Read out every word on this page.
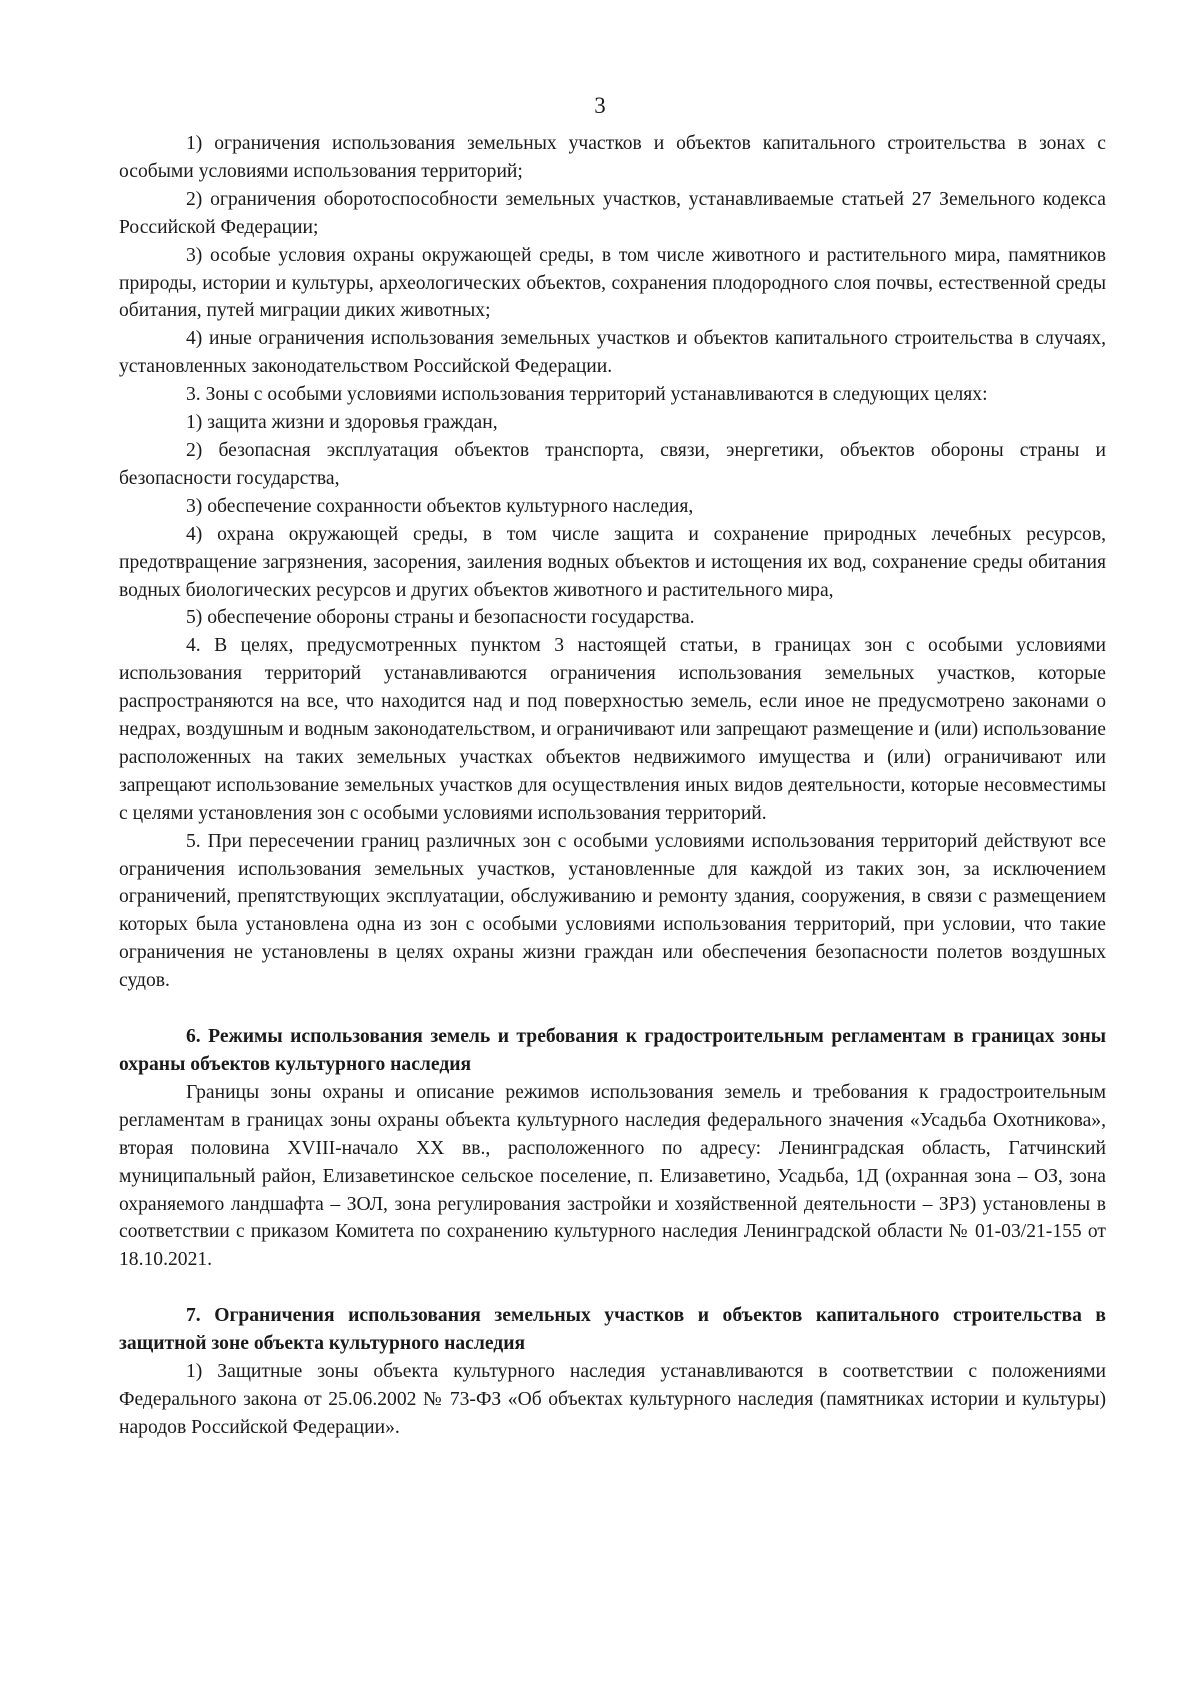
3

1) ограничения использования земельных участков и объектов капитального строительства в зонах с особыми условиями использования территорий;

2) ограничения оборотоспособности земельных участков, устанавливаемые статьей 27 Земельного кодекса Российской Федерации;

3) особые условия охраны окружающей среды, в том числе животного и растительного мира, памятников природы, истории и культуры, археологических объектов, сохранения плодородного слоя почвы, естественной среды обитания, путей миграции диких животных;

4) иные ограничения использования земельных участков и объектов капитального строительства в случаях, установленных законодательством Российской Федерации.

3. Зоны с особыми условиями использования территорий устанавливаются в следующих целях:

1) защита жизни и здоровья граждан,

2) безопасная эксплуатация объектов транспорта, связи, энергетики, объектов обороны страны и безопасности государства,

3) обеспечение сохранности объектов культурного наследия,

4) охрана окружающей среды, в том числе защита и сохранение природных лечебных ресурсов, предотвращение загрязнения, засорения, заиления водных объектов и истощения их вод, сохранение среды обитания водных биологических ресурсов и других объектов животного и растительного мира,

5) обеспечение обороны страны и безопасности государства.

4. В целях, предусмотренных пунктом 3 настоящей статьи, в границах зон с особыми условиями использования территорий устанавливаются ограничения использования земельных участков, которые распространяются на все, что находится над и под поверхностью земель, если иное не предусмотрено законами о недрах, воздушным и водным законодательством, и ограничивают или запрещают размещение и (или) использование расположенных на таких земельных участках объектов недвижимого имущества и (или) ограничивают или запрещают использование земельных участков для осуществления иных видов деятельности, которые несовместимы с целями установления зон с особыми условиями использования территорий.

5. При пересечении границ различных зон с особыми условиями использования территорий действуют все ограничения использования земельных участков, установленные для каждой из таких зон, за исключением ограничений, препятствующих эксплуатации, обслуживанию и ремонту здания, сооружения, в связи с размещением которых была установлена одна из зон с особыми условиями использования территорий, при условии, что такие ограничения не установлены в целях охраны жизни граждан или обеспечения безопасности полетов воздушных судов.

6. Режимы использования земель и требования к градостроительным регламентам в границах зоны охраны объектов культурного наследия

Границы зоны охраны и описание режимов использования земель и требования к градостроительным регламентам в границах зоны охраны объекта культурного наследия федерального значения «Усадьба Охотникова», вторая половина XVIII-начало XX вв., расположенного по адресу: Ленинградская область, Гатчинский муниципальный район, Елизаветинское сельское поселение, п. Елизаветино, Усадьба, 1Д (охранная зона – ОЗ, зона охраняемого ландшафта – ЗОЛ, зона регулирования застройки и хозяйственной деятельности – ЗРЗ) установлены в соответствии с приказом Комитета по сохранению культурного наследия Ленинградской области № 01-03/21-155 от 18.10.2021.

7. Ограничения использования земельных участков и объектов капитального строительства в защитной зоне объекта культурного наследия

1) Защитные зоны объекта культурного наследия устанавливаются в соответствии с положениями Федерального закона от 25.06.2002 № 73-ФЗ «Об объектах культурного наследия (памятниках истории и культуры) народов Российской Федерации».
